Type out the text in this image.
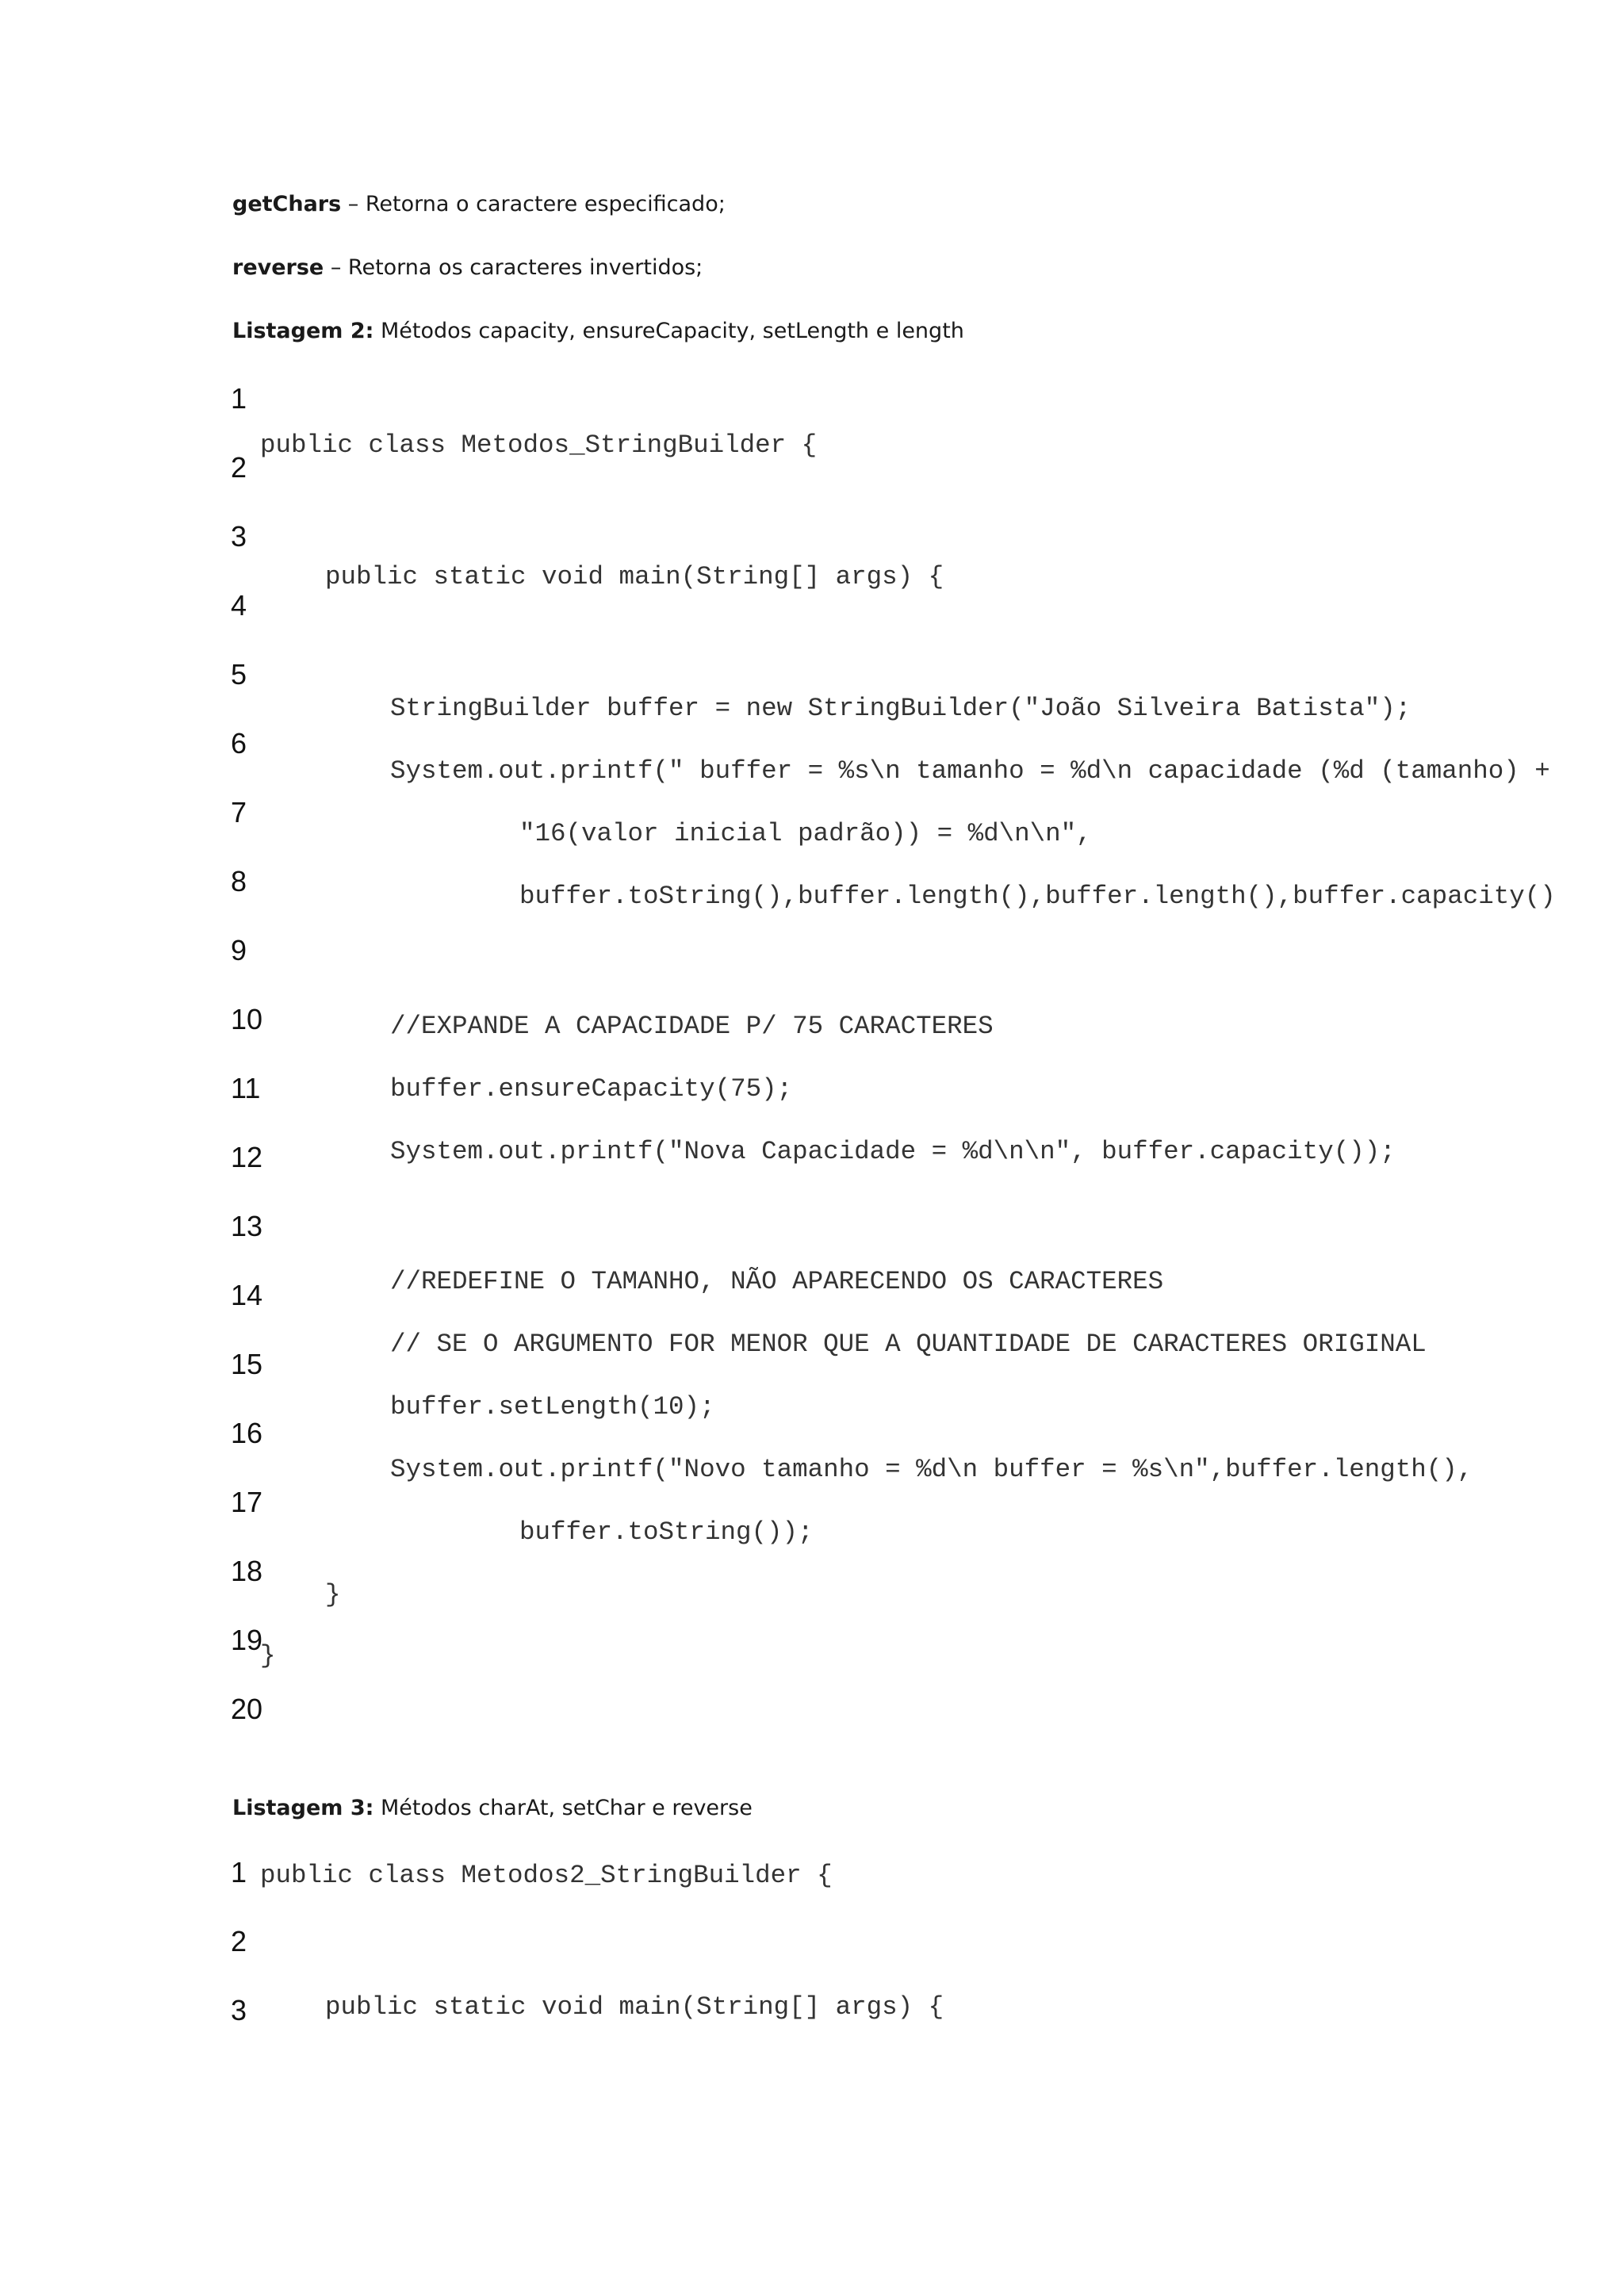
getChars – Retorna o caractere especificado;

reverse – Retorna os caracteres invertidos;

Listagem 2: Métodos capacity, ensureCapacity, setLength e length

1
2
3
4
5
6
7
8
9
10
11
12
13
14
15
16
17
18
19
20
public class Metodos_StringBuilder {
public static void main(String[] args) {
StringBuilder buffer = new StringBuilder("João Silveira Batista");
System.out.printf(" buffer = %s\n tamanho = %d\n capacidade (%d (tamanho) +
"16(valor inicial padrão)) = %d\n\n",
buffer.toString(),buffer.length(),buffer.length(),buffer.capacity()
//EXPANDE A CAPACIDADE P/ 75 CARACTERES
buffer.ensureCapacity(75);
System.out.printf("Nova Capacidade = %d\n\n", buffer.capacity());
//REDEFINE O TAMANHO, NÃO APARECENDO OS CARACTERES
// SE O ARGUMENTO FOR MENOR QUE A QUANTIDADE DE CARACTERES ORIGINAL
buffer.setLength(10);
System.out.printf("Novo tamanho = %d\n buffer = %s\n",buffer.length(),
buffer.toString());
}
}

Listagem 3: Métodos charAt, setChar e reverse

1
2
3
public class Metodos2_StringBuilder {
public static void main(String[] args) {
